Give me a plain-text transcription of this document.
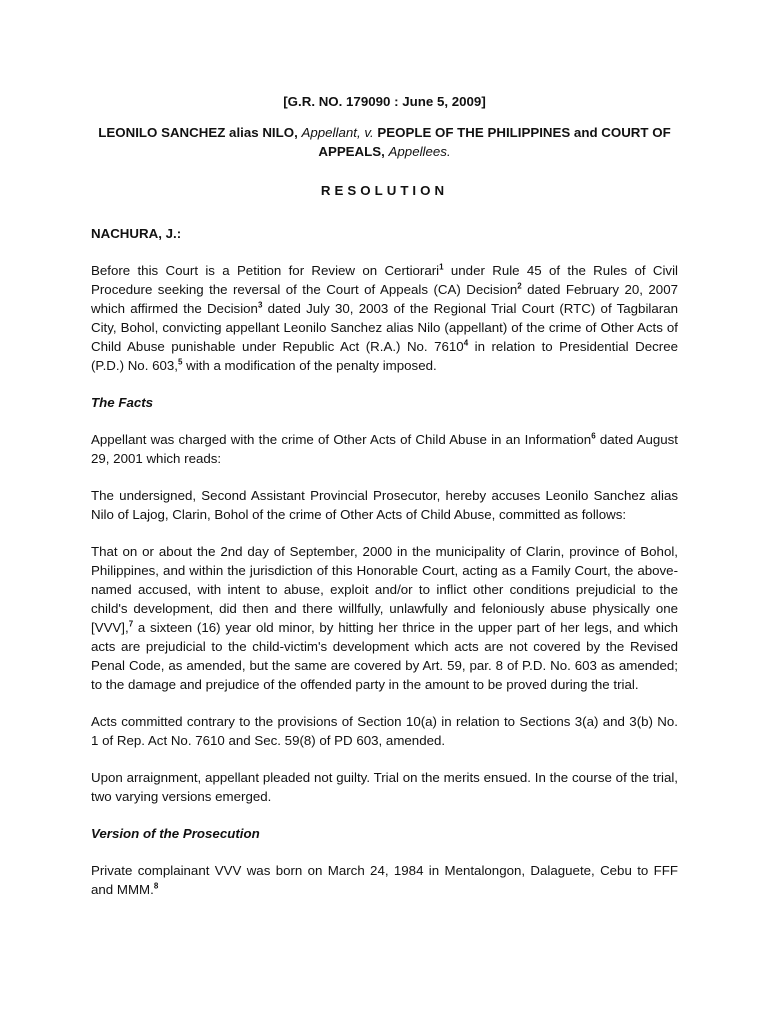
[G.R. NO. 179090 : June 5, 2009]
LEONILO SANCHEZ alias NILO, Appellant, v. PEOPLE OF THE PHILIPPINES and COURT OF APPEALS, Appellees.
RESOLUTION
NACHURA, J.:

Before this Court is a Petition for Review on Certiorari$^1$ under Rule 45 of the Rules of Civil Procedure seeking the reversal of the Court of Appeals (CA) Decision$^2$ dated February 20, 2007 which affirmed the Decision$^3$ dated July 30, 2003 of the Regional Trial Court (RTC) of Tagbilaran City, Bohol, convicting appellant Leonilo Sanchez alias Nilo (appellant) of the crime of Other Acts of Child Abuse punishable under Republic Act (R.A.) No. 7610$^4$ in relation to Presidential Decree (P.D.) No. 603,$^5$ with a modification of the penalty imposed.

The Facts

Appellant was charged with the crime of Other Acts of Child Abuse in an Information$^6$ dated August 29, 2001 which reads:

The undersigned, Second Assistant Provincial Prosecutor, hereby accuses Leonilo Sanchez alias Nilo of Lajog, Clarin, Bohol of the crime of Other Acts of Child Abuse, committed as follows:

That on or about the 2nd day of September, 2000 in the municipality of Clarin, province of Bohol, Philippines, and within the jurisdiction of this Honorable Court, acting as a Family Court, the above-named accused, with intent to abuse, exploit and/or to inflict other conditions prejudicial to the child's development, did then and there willfully, unlawfully and feloniously abuse physically one [VVV],$^7$ a sixteen (16) year old minor, by hitting her thrice in the upper part of her legs, and which acts are prejudicial to the child-victim's development which acts are not covered by the Revised Penal Code, as amended, but the same are covered by Art. 59, par. 8 of P.D. No. 603 as amended; to the damage and prejudice of the offended party in the amount to be proved during the trial.

Acts committed contrary to the provisions of Section 10(a) in relation to Sections 3(a) and 3(b) No. 1 of Rep. Act No. 7610 and Sec. 59(8) of PD 603, amended.

Upon arraignment, appellant pleaded not guilty. Trial on the merits ensued. In the course of the trial, two varying versions emerged.

Version of the Prosecution

Private complainant VVV was born on March 24, 1984 in Mentalongon, Dalaguete, Cebu to FFF and MMM.$^8$
